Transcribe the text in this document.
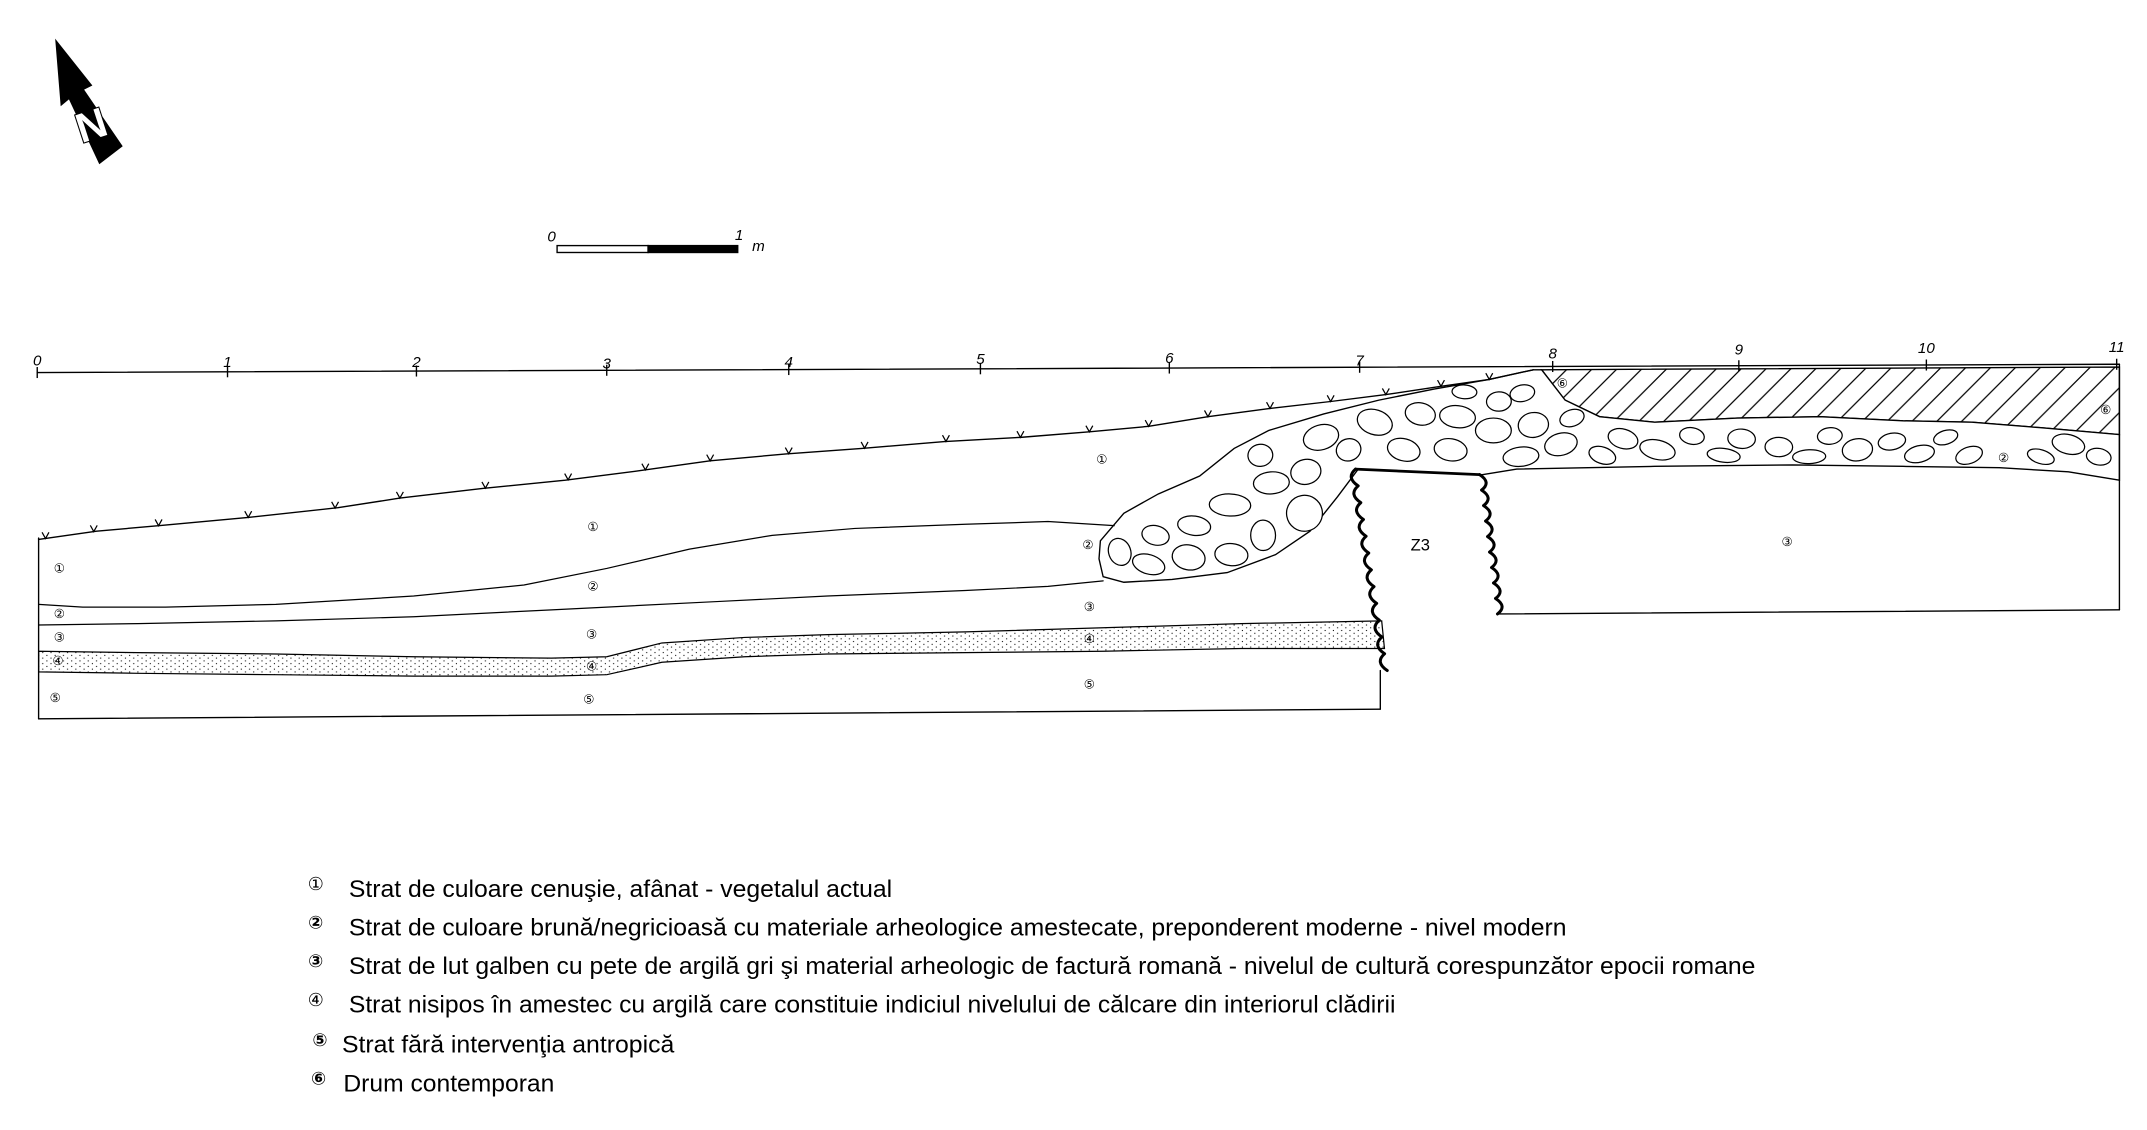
N
0	1
m
0	1	2	3	4	5	6	7	8	9	10	11
Z3
①
②
③
④
⑤
①
②
③
④
⑤
①
②
③
④
⑤
⑥
⑥
②
③
① Strat de culoare cenuşie, afânat - vegetalul actual
② Strat de culoare brună/negricioasă cu materiale arheologice amestecate, preponderent moderne - nivel modern
③ Strat de lut galben cu pete de argilă gri şi material arheologic de factură romană - nivelul de cultură corespunzător epocii romane
④ Strat nisipos în amestec cu argilă care constituie indiciul nivelului de călcare din interiorul clădirii
⑤ Strat fără intervenţia antropică
⑥ Drum contemporan
